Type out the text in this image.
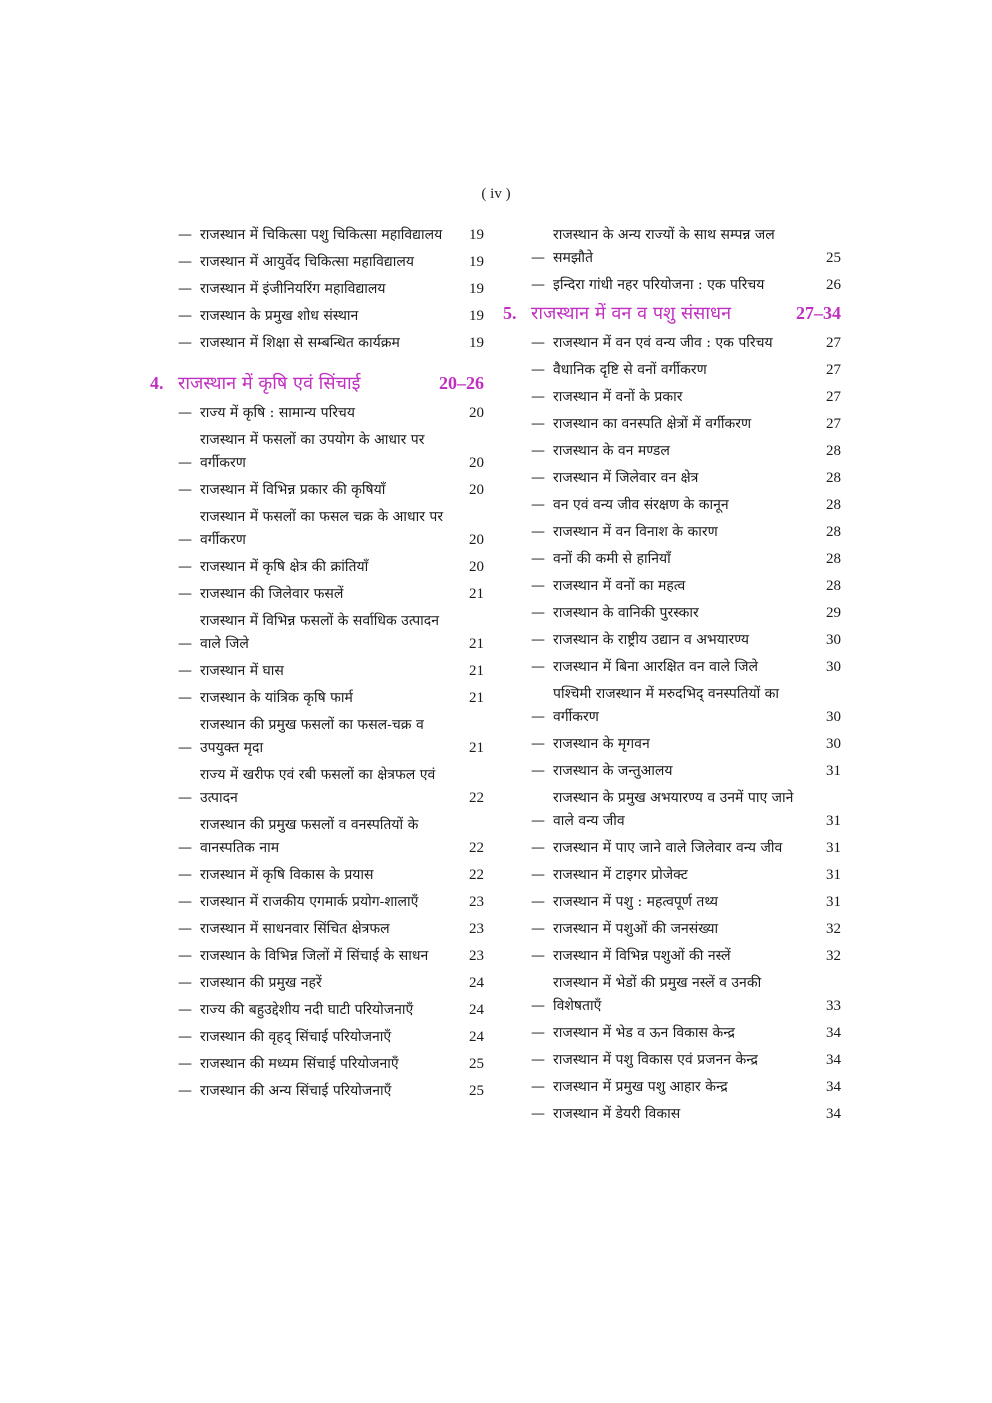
( iv )
— राजस्थान में चिकित्सा पशु चिकित्सा महाविद्यालय	19
— राजस्थान में आयुर्वेद चिकित्सा महाविद्यालय	19
— राजस्थान में इंजीनियरिंग महाविद्यालय	19
— राजस्थान के प्रमुख शोध संस्थान	19
— राजस्थान में शिक्षा से सम्बन्धित कार्यक्रम	19
4. राजस्थान में कृषि एवं सिंचाई	20–26
— राज्य में कृषि : सामान्य परिचय	20
—
राजस्थान में फसलों का उपयोग के आधार पर वर्गीकरण	20
— राजस्थान में विभिन्न प्रकार की कृषियाँ	20
—
राजस्थान में फसलों का फसल चक्र के आधार पर वर्गीकरण	20
— राजस्थान में कृषि क्षेत्र की क्रांतियाँ	20
— राजस्थान की जिलेवार फसलें	21
—
राजस्थान में विभिन्न फसलों के सर्वाधिक उत्पादन वाले जिले	21
— राजस्थान में घास	21
— राजस्थान के यांत्रिक कृषि फार्म	21
—
राजस्थान की प्रमुख फसलों का फसल-चक्र व उपयुक्त मृदा	21
—
राज्य में खरीफ एवं रबी फसलों का क्षेत्रफल एवं उत्पादन	22
—
राजस्थान की प्रमुख फसलों व वनस्पतियों के वानस्पतिक नाम	22
— राजस्थान में कृषि विकास के प्रयास	22
— राजस्थान में राजकीय एगमार्क प्रयोग-शालाएँ	23
— राजस्थान में साधनवार सिंचित क्षेत्रफल	23
— राजस्थान के विभिन्न जिलों में सिंचाई के साधन	23
— राजस्थान की प्रमुख नहरें	24
— राज्य की बहुउद्देशीय नदी घाटी परियोजनाएँ	24
— राजस्थान की वृहद् सिंचाई परियोजनाएँ	24
— राजस्थान की मध्यम सिंचाई परियोजनाएँ	25
— राजस्थान की अन्य सिंचाई परियोजनाएँ	25
—
राजस्थान के अन्य राज्यों के साथ सम्पन्न जल समझौते	25
— इन्दिरा गांधी नहर परियोजना : एक परिचय	26
5. राजस्थान में वन व पशु संसाधन	27–34
— राजस्थान में वन एवं वन्य जीव : एक परिचय	27
— वैधानिक दृष्टि से वनों वर्गीकरण	27
— राजस्थान में वनों के प्रकार	27
— राजस्थान का वनस्पति क्षेत्रों में वर्गीकरण	27
— राजस्थान के वन मण्डल	28
— राजस्थान में जिलेवार वन क्षेत्र	28
— वन एवं वन्य जीव संरक्षण के कानून	28
— राजस्थान में वन विनाश के कारण	28
— वनों की कमी से हानियाँ	28
— राजस्थान में वनों का महत्व	28
— राजस्थान के वानिकी पुरस्कार	29
— राजस्थान के राष्ट्रीय उद्यान व अभयारण्य	30
— राजस्थान में बिना आरक्षित वन वाले जिले	30
—
पश्चिमी राजस्थान में मरुदभिद् वनस्पतियों का वर्गीकरण	30
— राजस्थान के मृगवन	30
— राजस्थान के जन्तुआलय	31
—
राजस्थान के प्रमुख अभयारण्य व उनमें पाए जाने वाले वन्य जीव	31
— राजस्थान में पाए जाने वाले जिलेवार वन्य जीव	31
— राजस्थान में टाइगर प्रोजेक्ट	31
— राजस्थान में पशु : महत्वपूर्ण तथ्य	31
— राजस्थान में पशुओं की जनसंख्या	32
— राजस्थान में विभिन्न पशुओं की नस्लें	32
—
राजस्थान में भेडों की प्रमुख नस्लें व उनकी विशेषताएँ	33
— राजस्थान में भेड व ऊन विकास केन्द्र	34
— राजस्थान में पशु विकास एवं प्रजनन केन्द्र	34
— राजस्थान में प्रमुख पशु आहार केन्द्र	34
— राजस्थान में डेयरी विकास	34
